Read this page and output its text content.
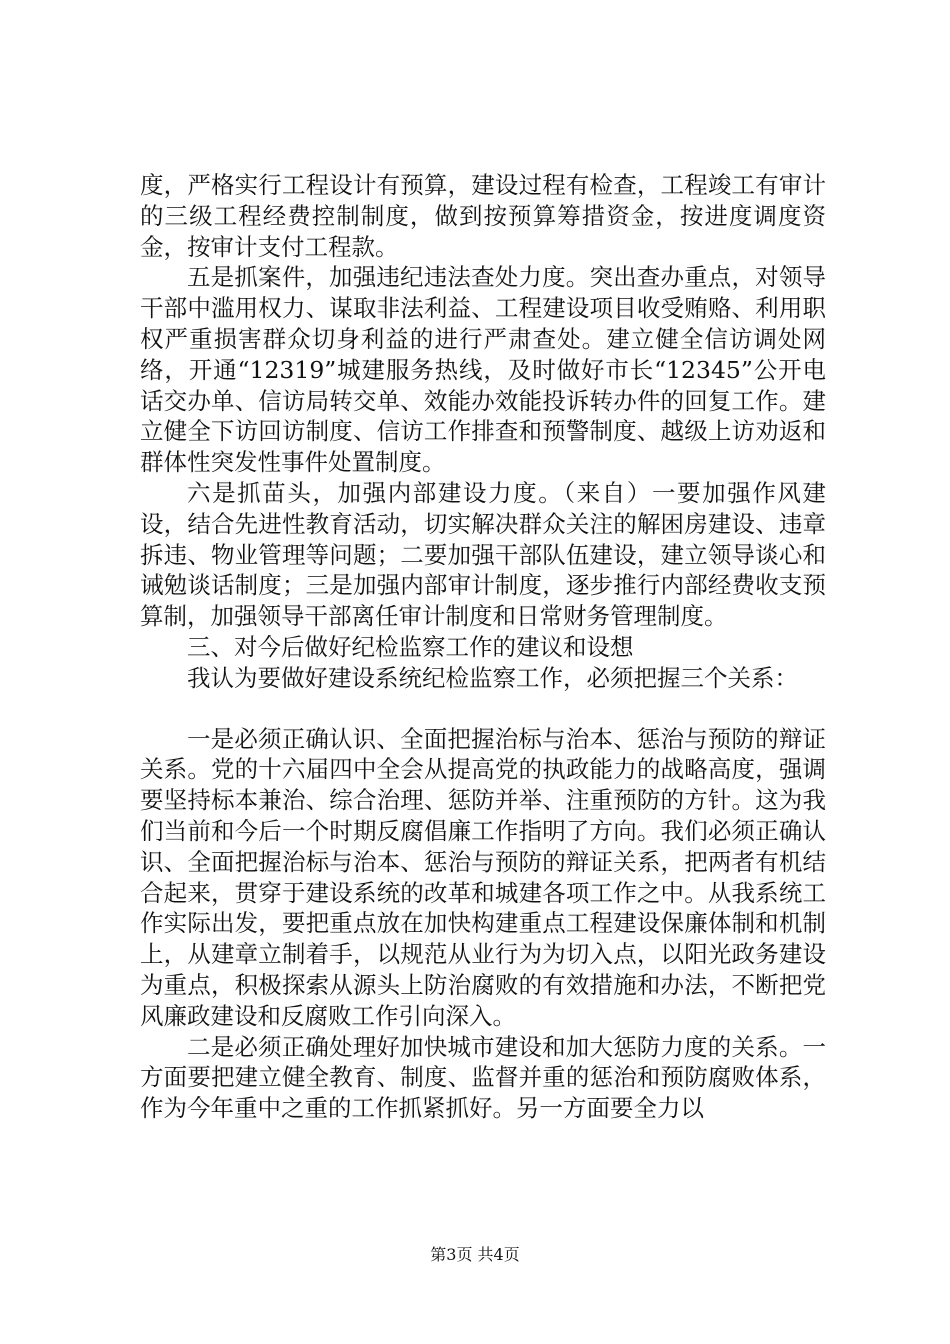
度，严格实行工程设计有预算，建设过程有检查，工程竣工有审计的三级工程经费控制制度，做到按预算筹措资金，按进度调度资金，按审计支付工程款。

五是抓案件，加强违纪违法查处力度。突出查办重点，对领导干部中滥用权力、谋取非法利益、工程建设项目收受贿赂、利用职权严重损害群众切身利益的进行严肃查处。建立健全信访调处网络，开通“12319”城建服务热线，及时做好市长“12345”公开电话交办单、信访局转交单、效能办效能投诉转办件的回复工作。建立健全下访回访制度、信访工作排查和预警制度、越级上访劝返和群体性突发性事件处置制度。

六是抓苗头，加强内部建设力度。（来自）一要加强作风建设，结合先进性教育活动，切实解决群众关注的解困房建设、违章拆违、物业管理等问题；二要加强干部队伍建设，建立领导谈心和诫勉谈话制度；三是加强内部审计制度，逐步推行内部经费收支预算制，加强领导干部离任审计制度和日常财务管理制度。

三、对今后做好纪检监察工作的建议和设想

我认为要做好建设系统纪检监察工作，必须把握三个关系：

一是必须正确认识、全面把握治标与治本、惩治与预防的辩证关系。党的十六届四中全会从提高党的执政能力的战略高度，强调要坚持标本兼治、综合治理、惩防并举、注重预防的方针。这为我们当前和今后一个时期反腐倡廉工作指明了方向。我们必须正确认识、全面把握治标与治本、惩治与预防的辩证关系，把两者有机结合起来，贯穿于建设系统的改革和城建各项工作之中。从我系统工作实际出发，要把重点放在加快构建重点工程建设保廉体制和机制上，从建章立制着手，以规范从业行为为切入点，以阳光政务建设为重点，积极探索从源头上防治腐败的有效措施和办法，不断把党风廉政建设和反腐败工作引向深入。

二是必须正确处理好加快城市建设和加大惩防力度的关系。一方面要把建立健全教育、制度、监督并重的惩治和预防腐败体系，作为今年重中之重的工作抓紧抓好。另一方面要全力以

第3页 共4页
